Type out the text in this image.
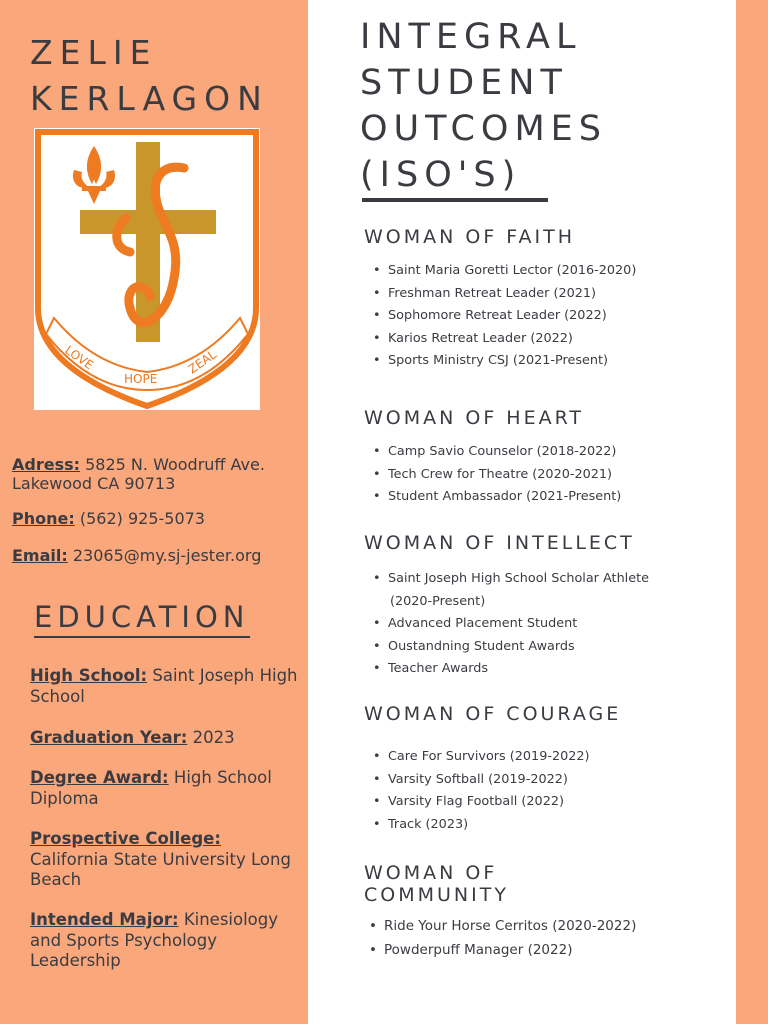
ZELIE
KERLAGON
LOVE
HOPE
ZEAL
Adress: 5825 N. Woodruff Ave.
Lakewood CA 90713
Phone: (562) 925-5073
Email: 23065@my.sj-jester.org
EDUCATION
High School: Saint Joseph High School
Graduation Year: 2023
Degree Award: High School Diploma
Prospective College:
California State University Long Beach
Intended Major: Kinesiology and Sports Psychology Leadership
INTEGRAL
STUDENT
OUTCOMES
(ISO'S)
WOMAN OF FAITH
• Saint Maria Goretti Lector (2016-2020)
• Freshman Retreat Leader (2021)
• Sophomore Retreat Leader (2022)
• Karios Retreat Leader (2022)
• Sports Ministry CSJ (2021-Present)
WOMAN OF HEART
• Camp Savio Counselor (2018-2022)
• Tech Crew for Theatre (2020-2021)
• Student Ambassador (2021-Present)
WOMAN OF INTELLECT
• Saint Joseph High School Scholar Athlete
(2020-Present)
• Advanced Placement Student
• Oustandning Student Awards
• Teacher Awards
WOMAN OF COURAGE
• Care For Survivors (2019-2022)
• Varsity Softball (2019-2022)
• Varsity Flag Football (2022)
• Track (2023)
WOMAN OF
COMMUNITY
• Ride Your Horse Cerritos (2020-2022)
• Powderpuff Manager (2022)
